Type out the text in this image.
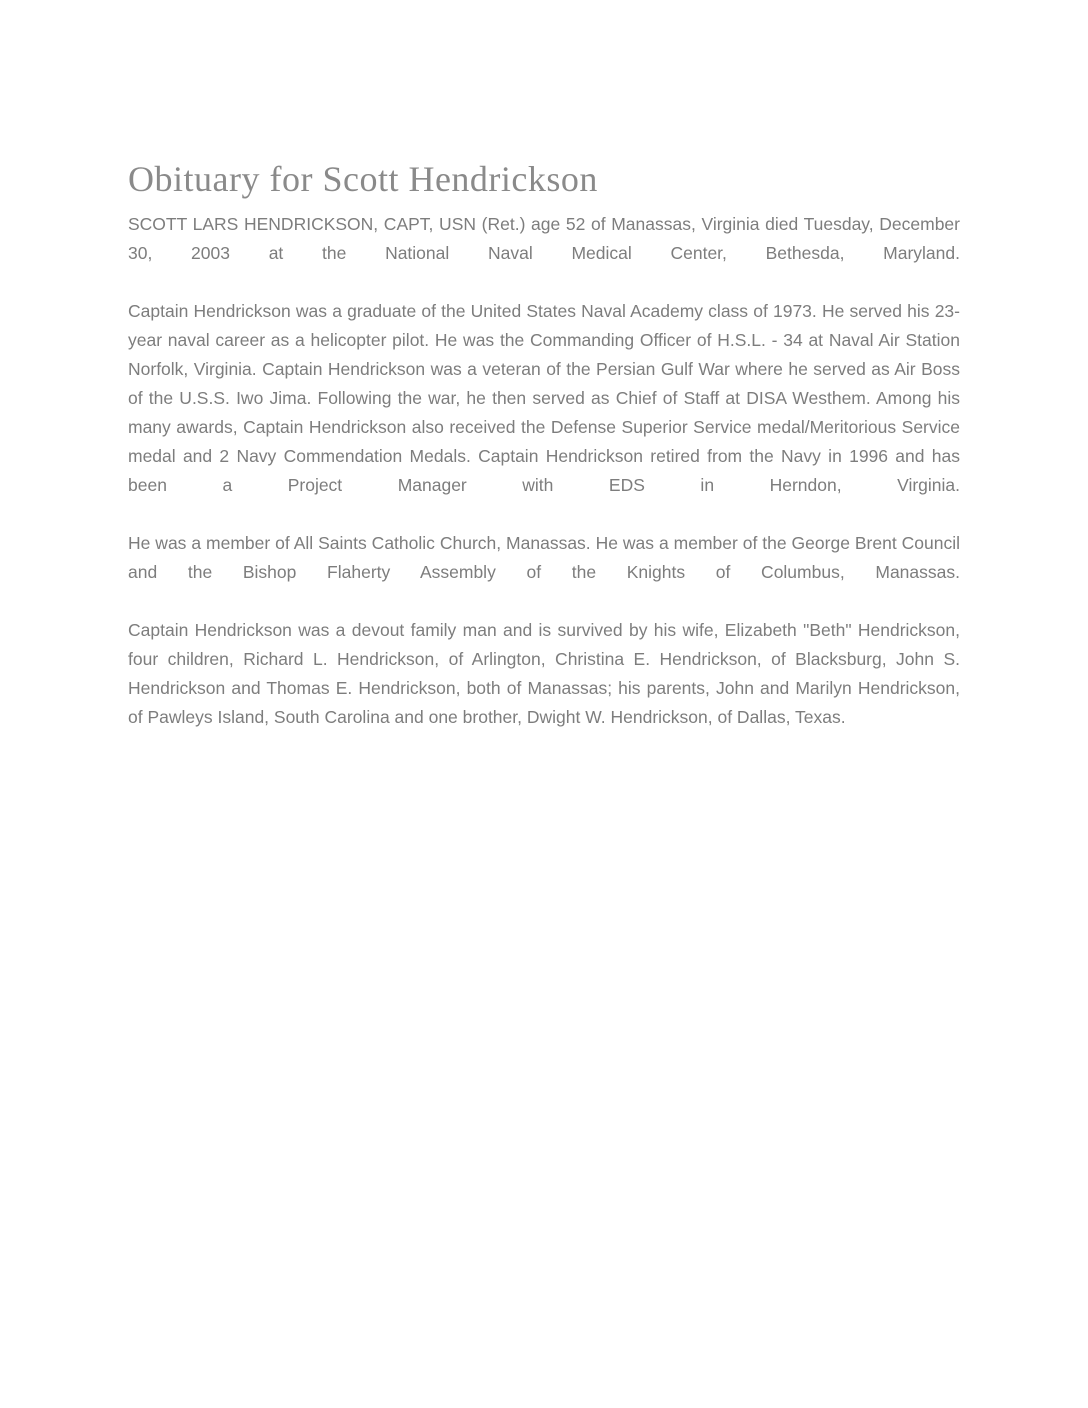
Obituary for Scott Hendrickson

SCOTT LARS HENDRICKSON, CAPT, USN (Ret.) age 52 of Manassas, Virginia died Tuesday, December 30, 2003 at the National Naval Medical Center, Bethesda, Maryland.

Captain Hendrickson was a graduate of the United States Naval Academy class of 1973. He served his 23-year naval career as a helicopter pilot. He was the Commanding Officer of H.S.L. - 34 at Naval Air Station Norfolk, Virginia. Captain Hendrickson was a veteran of the Persian Gulf War where he served as Air Boss of the U.S.S. Iwo Jima. Following the war, he then served as Chief of Staff at DISA Westhem. Among his many awards, Captain Hendrickson also received the Defense Superior Service medal/Meritorious Service medal and 2 Navy Commendation Medals. Captain Hendrickson retired from the Navy in 1996 and has been a Project Manager with EDS in Herndon, Virginia.

He was a member of All Saints Catholic Church, Manassas. He was a member of the George Brent Council and the Bishop Flaherty Assembly of the Knights of Columbus, Manassas.

Captain Hendrickson was a devout family man and is survived by his wife, Elizabeth "Beth" Hendrickson, four children, Richard L. Hendrickson, of Arlington, Christina E. Hendrickson, of Blacksburg, John S. Hendrickson and Thomas E. Hendrickson, both of Manassas; his parents, John and Marilyn Hendrickson, of Pawleys Island, South Carolina and one brother, Dwight W. Hendrickson, of Dallas, Texas.
